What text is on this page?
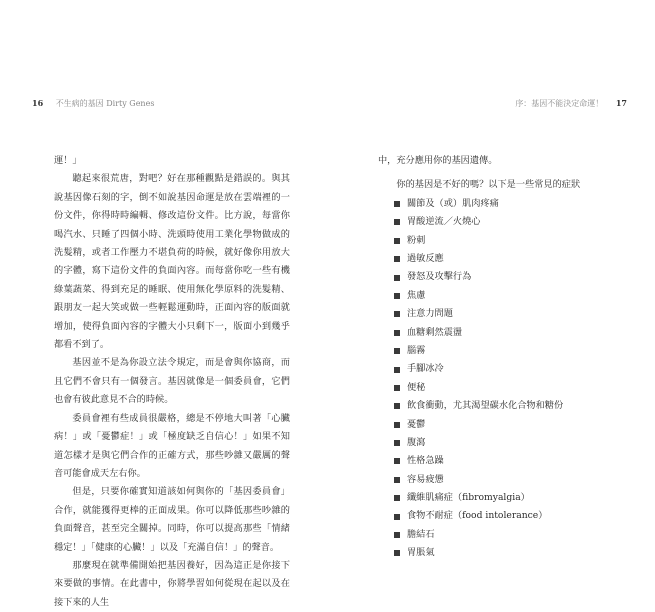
16 不生病的基因 Dirty Genes	序：基因不能決定命運！ 17

運！」

聽起來很荒唐，對吧？好在那種觀點是錯誤的。與其說基因像石刻的字，倒不如說基因命運是放在雲端裡的一份文件，你得時時編輯、修改這份文件。比方說，每當你喝汽水、只睡了四個小時、洗頭時使用工業化學物做成的洗髮精，或者工作壓力不堪負荷的時候，就好像你用放大的字體，寫下這份文件的負面內容。而每當你吃一些有機綠葉蔬菜、得到充足的睡眠、使用無化學原料的洗髮精、跟朋友一起大笑或做一些輕鬆運動時，正面內容的版面就增加，使得負面內容的字體大小只剩下一，版面小到幾乎都看不到了。

基因並不是為你設立法令規定，而是會與你協商，而且它們不會只有一個發言。基因就像是一個委員會，它們也會有彼此意見不合的時候。

委員會裡有些成員很嚴格，總是不停地大叫著「心臟病！」或「憂鬱症！」或「極度缺乏自信心！」如果不知道怎樣才是與它們合作的正確方式，那些吵雜又嚴厲的聲音可能會成天左右你。

但是，只要你確實知道該如何與你的「基因委員會」合作，就能獲得更棒的正面成果。你可以降低那些吵雜的負面聲音，甚至完全關掉。同時，你可以提高那些「情緒穩定！」「健康的心臟！」以及「充滿自信！」的聲音。

那麼現在就準備開始把基因養好，因為這正是你接下來要做的事情。在此書中，你將學習如何從現在起以及在接下來的人生

中，充分應用你的基因遺傳。

你的基因是不好的嗎？以下是一些常見的症狀

關節及（或）肌肉疼痛
胃酸逆流／火燒心
粉刺
過敏反應
發怒及攻擊行為
焦慮
注意力問題
血糖剩然震盪
腦霧
手腳冰冷
便秘
飲食衝動，尤其渴望碳水化合物和糖份
憂鬱
腹瀉
性格急躁
容易疲憊
纖維肌痛症（fibromyalgia）
食物不耐症（food intolerance）
膽結石
胃脹氣
